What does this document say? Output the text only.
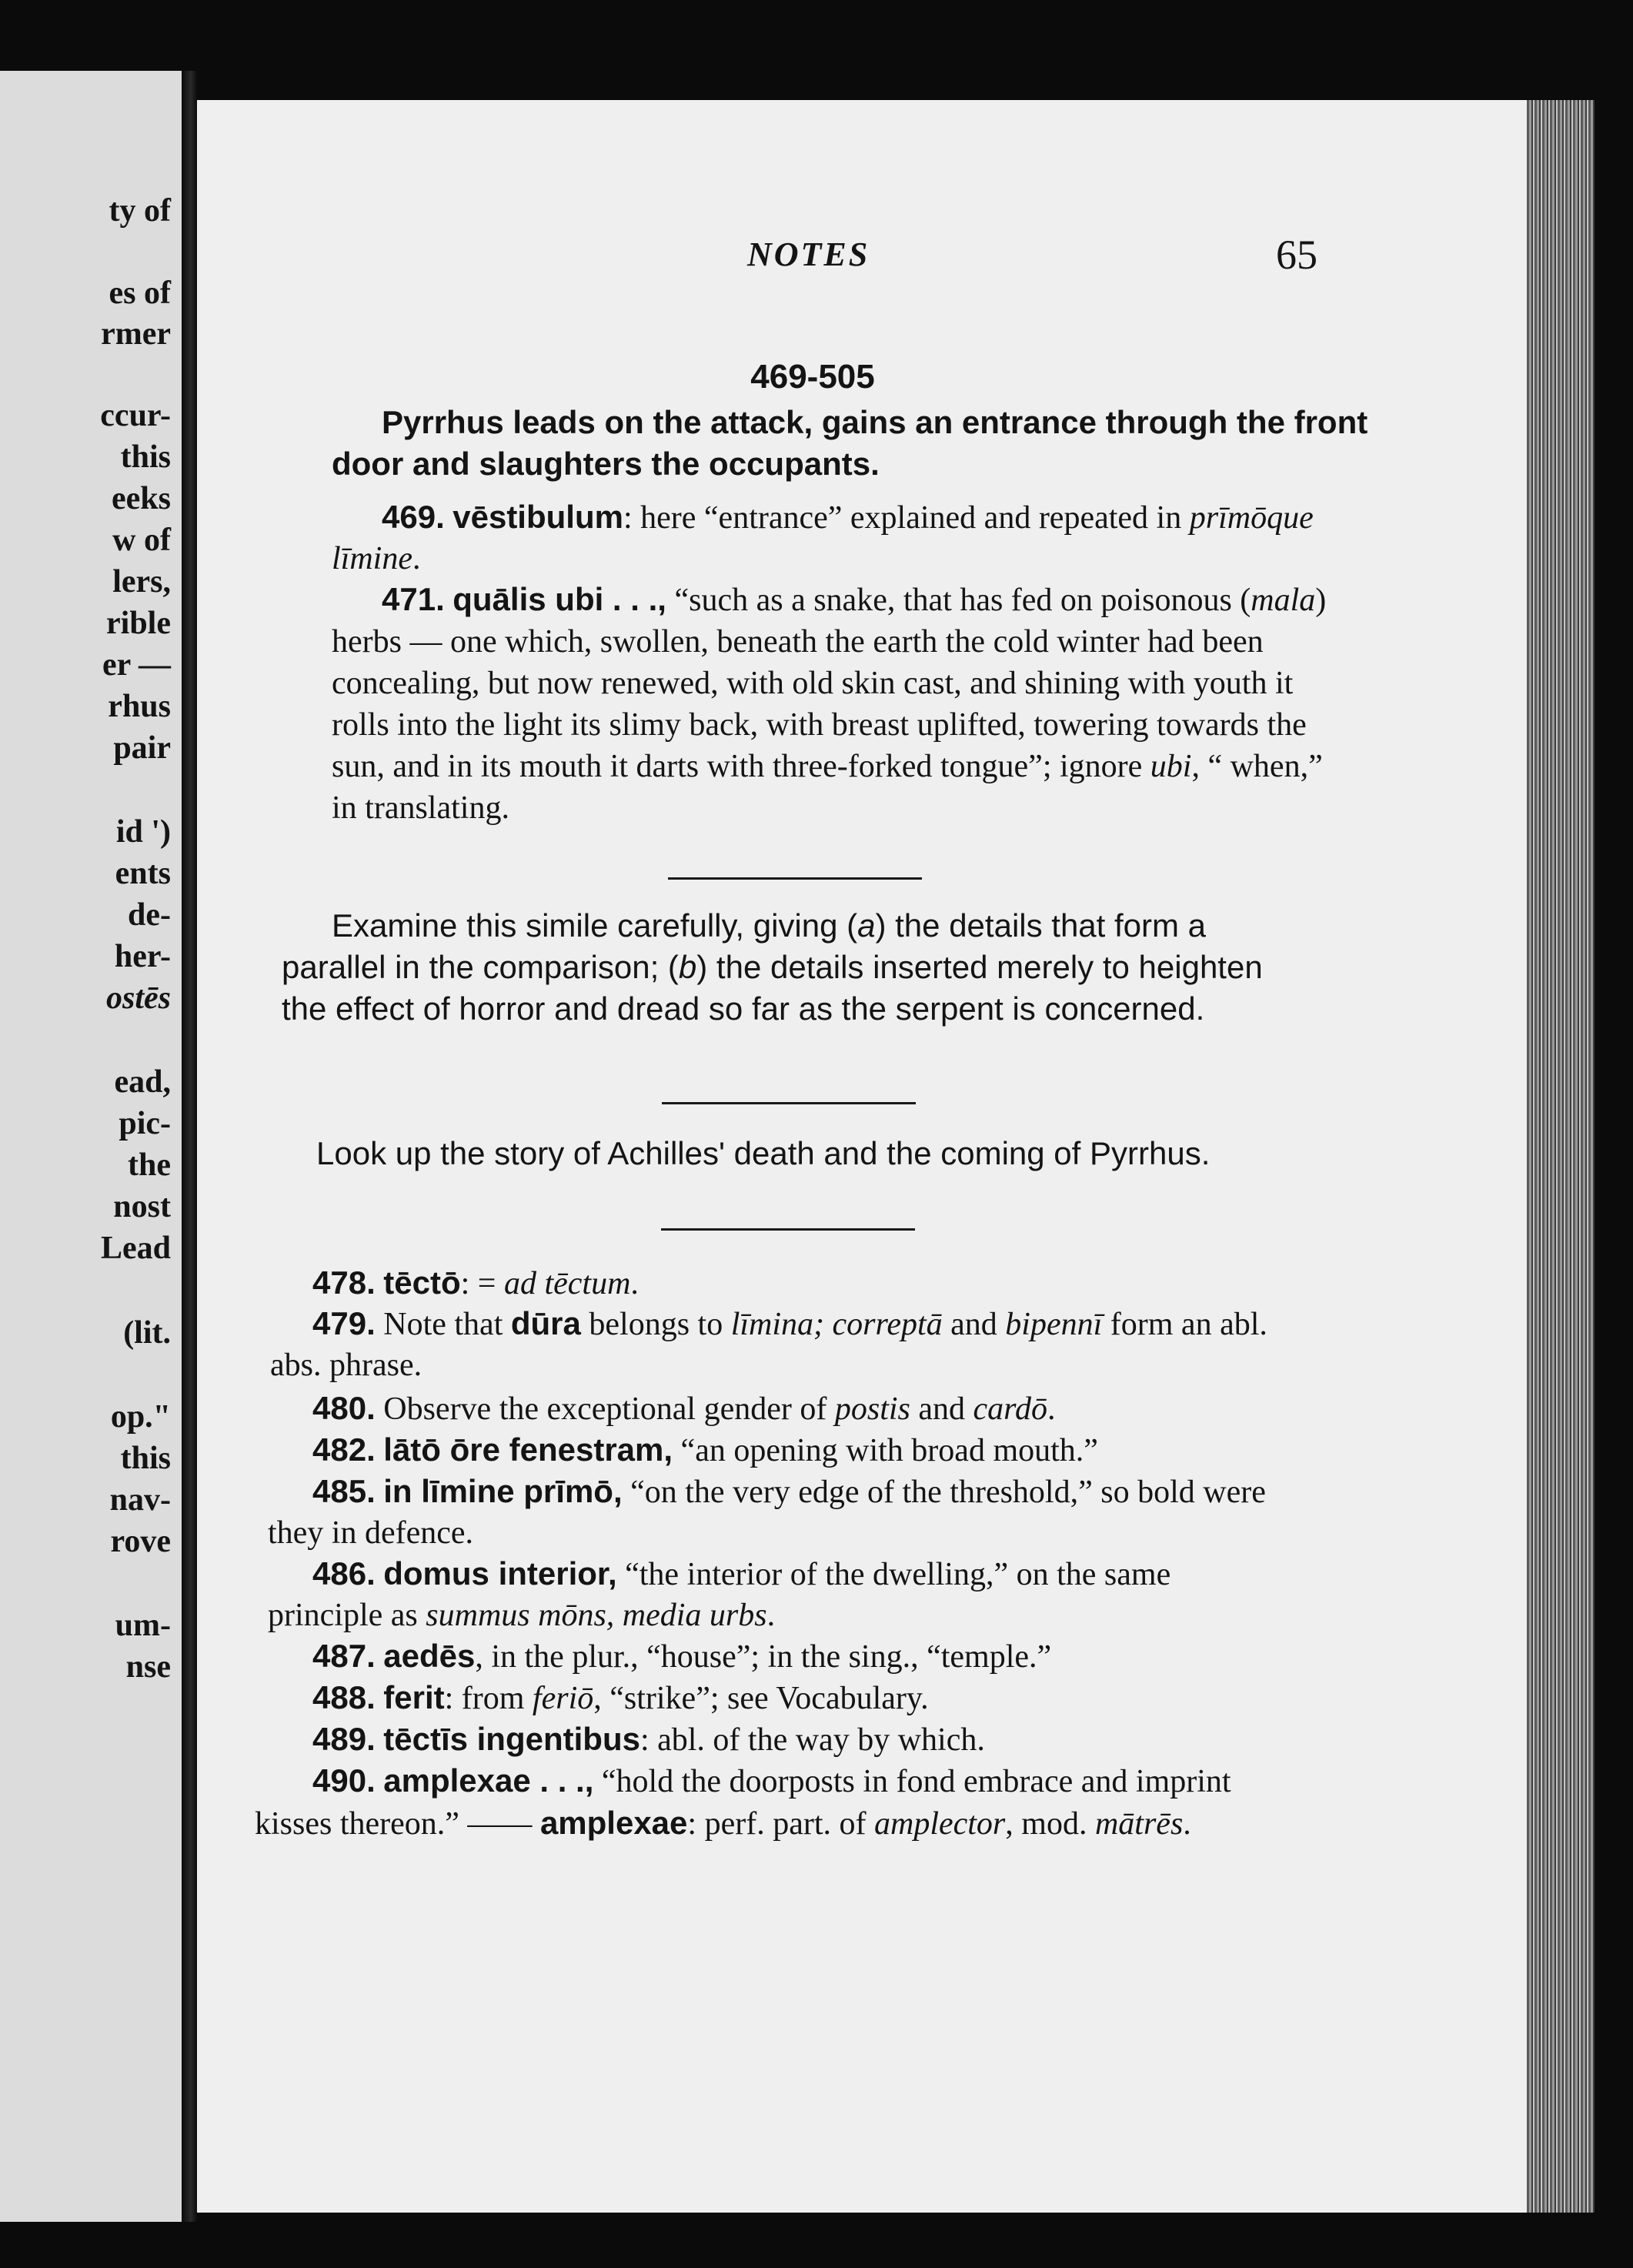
ty of
es of
rmer
ccur-
this
eeks
w of
lers,
rible
er —
rhus
pair
id ')
ents
de-
her-
ostēs
ead,
pic-
the
nost
Lead
(lit.
op."
this
nav-
rove
um-
nse
NOTES	65
469-505
Pyrrhus leads on the attack, gains an entrance through the front door and slaughters the occupants.
469. vēstibulum: here “entrance” explained and repeated in prīmōque līmine.
471. quālis ubi . . ., “such as a snake, that has fed on poisonous (mala) herbs — one which, swollen, beneath the earth the cold winter had been concealing, but now renewed, with old skin cast, and shining with youth it rolls into the light its slimy back, with breast uplifted, towering towards the sun, and in its mouth it darts with three-forked tongue”; ignore ubi, “ when,” in translating.
Examine this simile carefully, giving (a) the details that form a parallel in the comparison; (b) the details inserted merely to heighten the effect of horror and dread so far as the serpent is concerned.
Look up the story of Achilles' death and the coming of Pyrrhus.
478. tēctō: = ad tēctum.
479. Note that dūra belongs to līmina; correptā and bipennī form an abl. abs. phrase.
480. Observe the exceptional gender of postis and cardō.
482. lātō ōre fenestram, “an opening with broad mouth.”
485. in līmine prīmō, “on the very edge of the threshold,” so bold were they in defence.
486. domus interior, “the interior of the dwelling,” on the same principle as summus mōns, media urbs.
487. aedēs, in the plur., “house”; in the sing., “temple.”
488. ferit: from feriō, “strike”; see Vocabulary.
489. tēctīs ingentibus: abl. of the way by which.
490. amplexae . . ., “hold the doorposts in fond embrace and imprint kisses thereon.” —— amplexae: perf. part. of amplector, mod. mātrēs.
